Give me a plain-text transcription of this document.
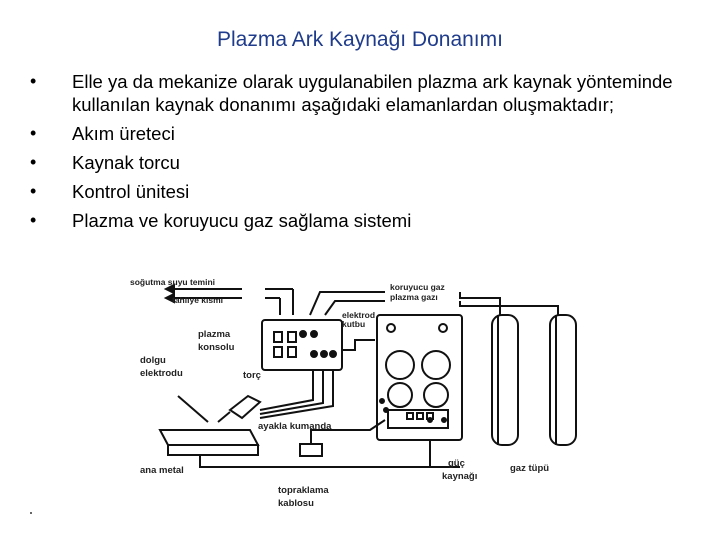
Plazma Ark Kaynağı Donanımı
• Elle ya da mekanize olarak uygulanabilen plazma ark kaynak yönteminde kullanılan kaynak donanımı aşağıdaki elamanlardan oluşmaktadır;
• Akım üreteci
• Kaynak torcu
• Kontrol ünitesi
• Plazma ve koruyucu gaz sağlama sistemi
soğutma suyu temini
tahliye kısmı
koruyucu gaz
plazma gazı
elektrod
kutbu
plazma
konsolu
dolgu
elektrodu	torç
ayakla kumanda
ana metal
güç
kaynağı
gaz tüpü
topraklama
kablosu
